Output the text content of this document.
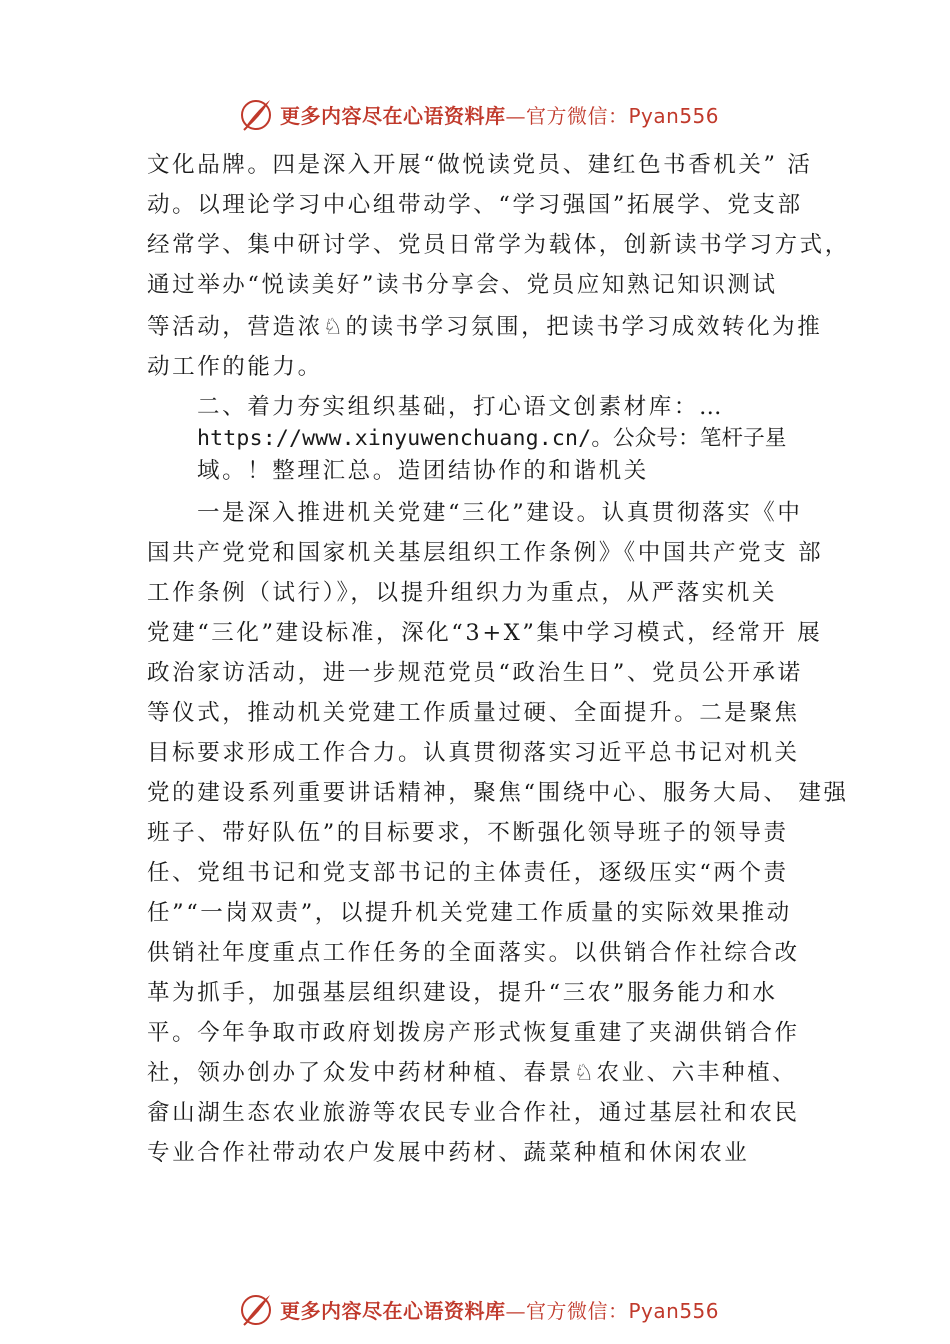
更多内容尽在心语资料库—官方微信：Pyan556
文化品牌。四是深入开展“做悦读党员、建红色书香机关” 活
动。以理论学习中心组带动学、“学习强国”拓展学、党支部
经常学、集中研讨学、党员日常学为载体，创新读书学习方式，
通过举办“悦读美好”读书分享会、党员应知熟记知识测试
等活动，营造浓♘的读书学习氛围，把读书学习成效转化为推
动工作的能力。
二、着力夯实组织基础，打心语文创素材库：…
https://www.xinyuwenchuang.cn/。公众号：笔杆子星
域。！整理汇总。造团结协作的和谐机关
一是深入推进机关党建“三化”建设。认真贯彻落实《中
国共产党党和国家机关基层组织工作条例》《中国共产党支 部
工作条例（试行）》，以提升组织力为重点，从严落实机关
党建“三化”建设标准，深化“3+X”集中学习模式，经常开 展
政治家访活动，进一步规范党员“政治生日”、党员公开承诺
等仪式，推动机关党建工作质量过硬、全面提升。二是聚焦
目标要求形成工作合力。认真贯彻落实习近平总书记对机关
党的建设系列重要讲话精神，聚焦“围绕中心、服务大局、 建强
班子、带好队伍”的目标要求，不断强化领导班子的领导责
任、党组书记和党支部书记的主体责任，逐级压实“两个责
任”“一岗双责”，以提升机关党建工作质量的实际效果推动
供销社年度重点工作任务的全面落实。以供销合作社综合改
革为抓手，加强基层组织建设，提升“三农”服务能力和水
平。今年争取市政府划拨房产形式恢复重建了夹湖供销合作
社，领办创办了众发中药材种植、春景♘农业、六丰种植、
畲山湖生态农业旅游等农民专业合作社，通过基层社和农民
专业合作社带动农户发展中药材、蔬菜种植和休闲农业
更多内容尽在心语资料库—官方微信：Pyan556
